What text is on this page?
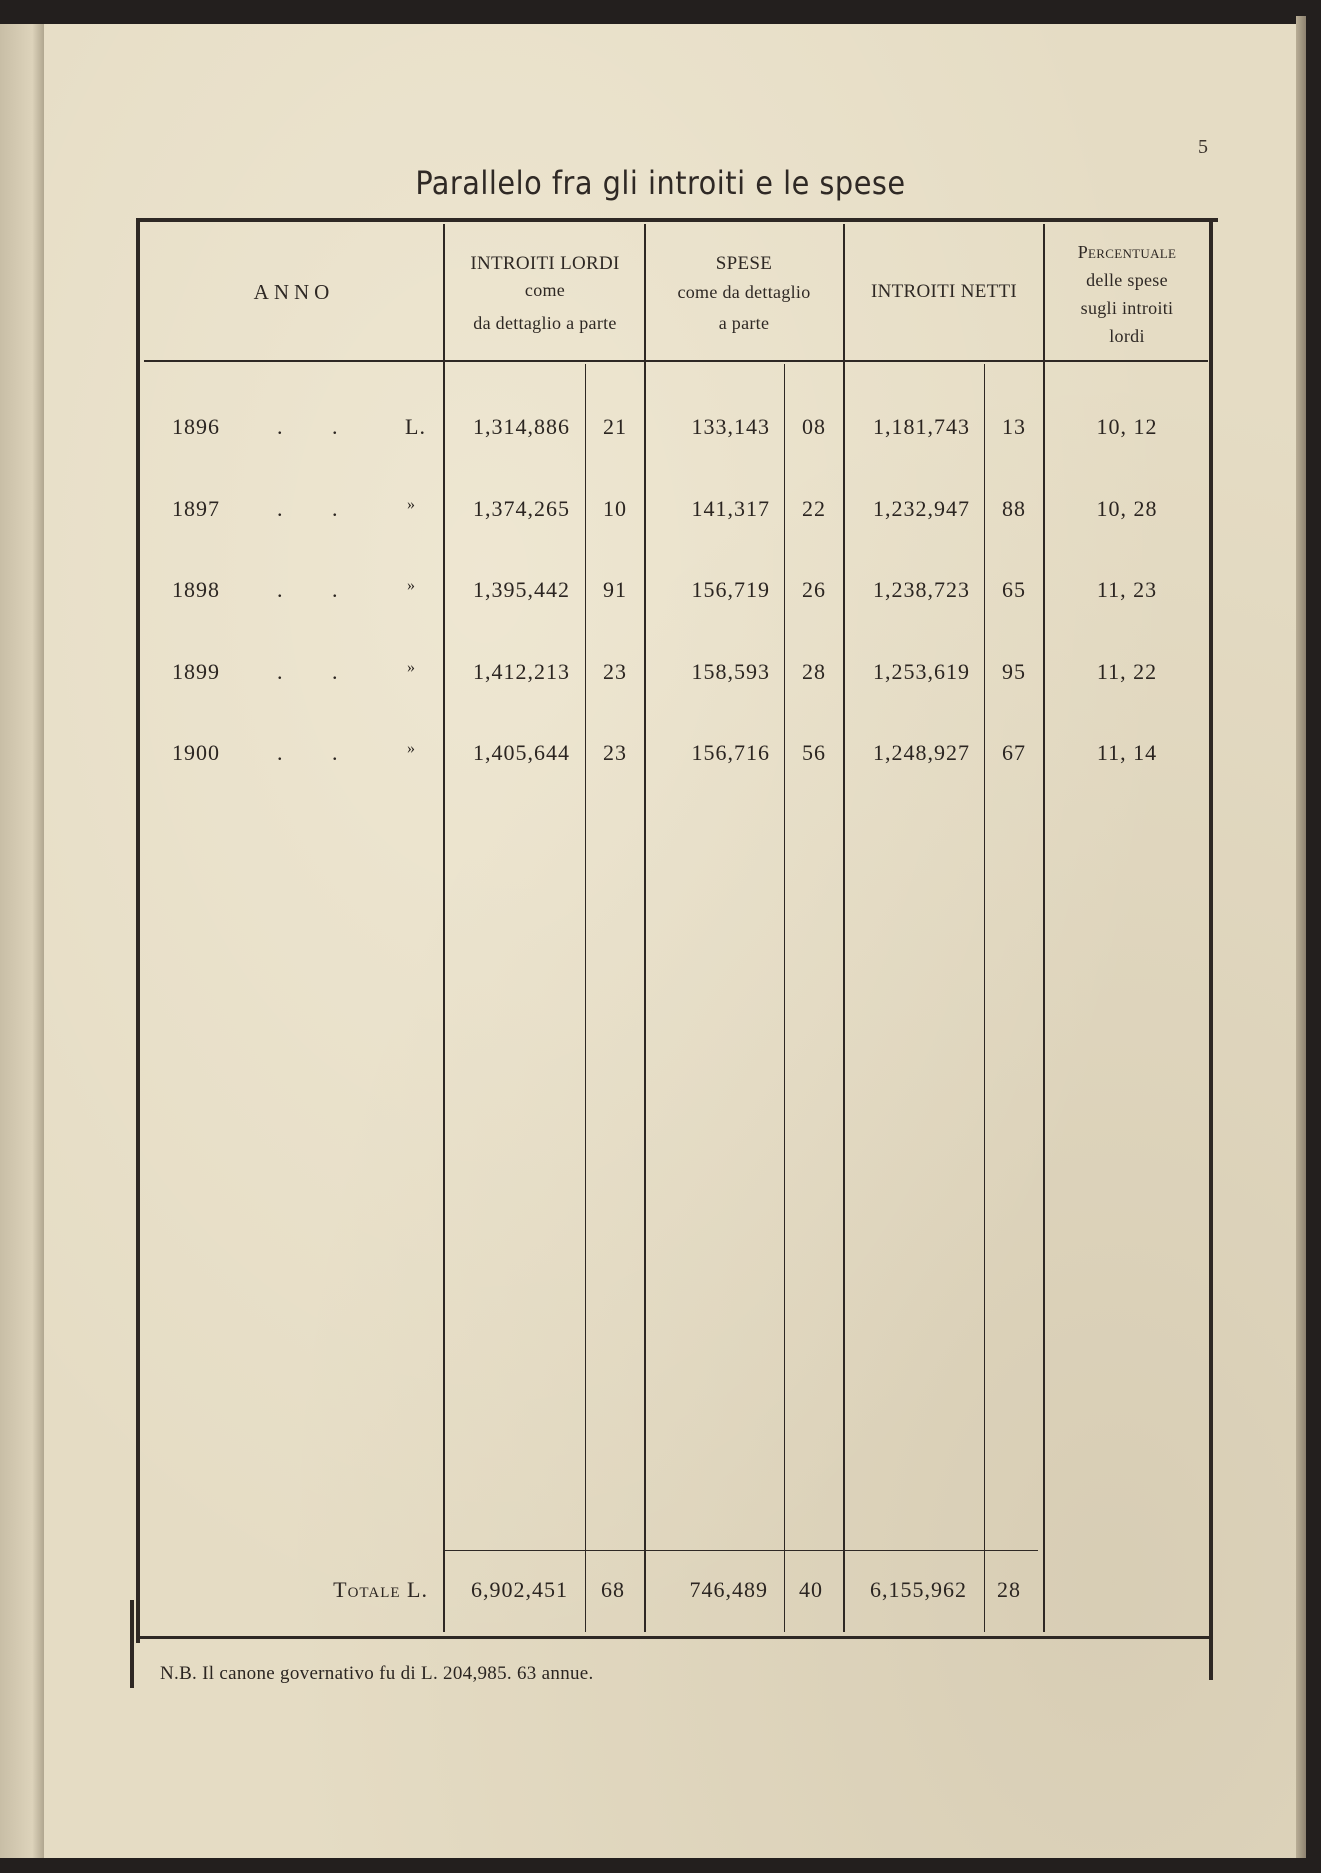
5
Parallelo fra gli introiti e le spese
ANNO
INTROITI LORDI
come
da dettaglio a parte
SPESE
come da dettaglio
a parte
INTROITI NETTI
Percentuale
delle spese
sugli introiti
lordi
1896	. . L.	1,314,886	21	133,143	08	1,181,743	13	10, 12
1897	. .	»	1,374,265	10	141,317	22	1,232,947	88	10, 28
1898	. .	»	1,395,442	91	156,719	26	1,238,723	65	11, 23
1899	. .	»	1,412,213	23	158,593	28	1,253,619	95	11, 22
1900	. .	»	1,405,644	23	156,716	56	1,248,927	67	11, 14
Totale L.	6,902,451	68	746,489	40	6,155,962	28
N.B. Il canone governativo fu di L. 204,985. 63 annue.
